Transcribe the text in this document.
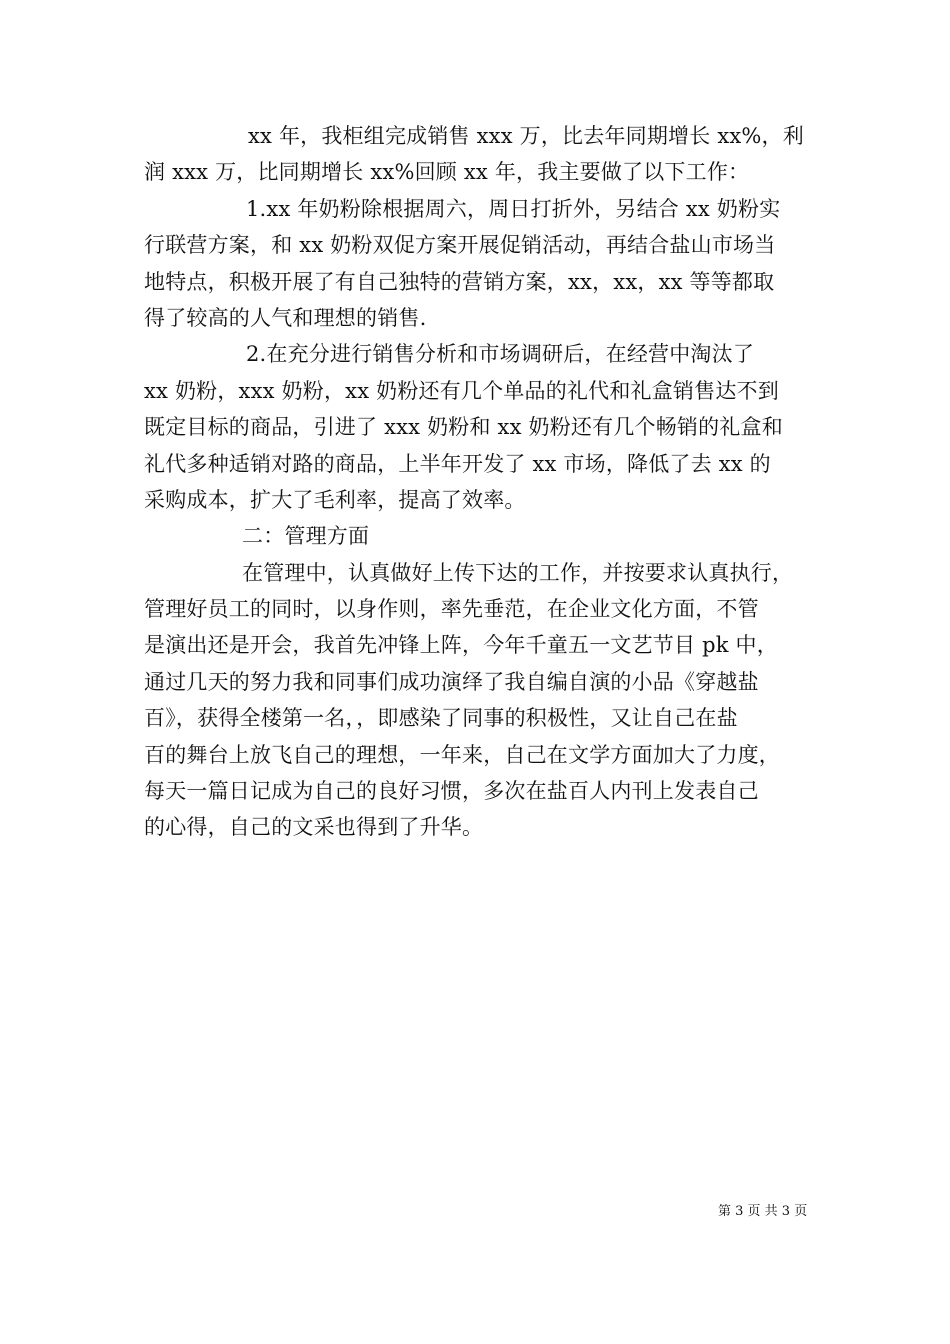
xx 年，我柜组完成销售 xxx 万，比去年同期增长 xx%，利
润 xxx 万，比同期增长 xx%回顾 xx 年，我主要做了以下工作：
1.xx 年奶粉除根据周六，周日打折外，另结合 xx 奶粉实
行联营方案，和 xx 奶粉双促方案开展促销活动，再结合盐山市场当
地特点，积极开展了有自己独特的营销方案，xx，xx，xx 等等都取
得了较高的人气和理想的销售.
2.在充分进行销售分析和市场调研后，在经营中淘汰了
xx 奶粉，xxx 奶粉，xx 奶粉还有几个单品的礼代和礼盒销售达不到
既定目标的商品，引进了 xxx 奶粉和 xx 奶粉还有几个畅销的礼盒和
礼代多种适销对路的商品，上半年开发了 xx 市场，降低了去 xx 的
采购成本，扩大了毛利率，提高了效率。
二：管理方面
在管理中，认真做好上传下达的工作，并按要求认真执行，
管理好员工的同时，以身作则，率先垂范，在企业文化方面，不管
是演出还是开会，我首先冲锋上阵，今年千童五一文艺节目 pk 中，
通过几天的努力我和同事们成功演绎了我自编自演的小品《穿越盐
百》，获得全楼第一名，，即感染了同事的积极性，又让自己在盐
百的舞台上放飞自己的理想，一年来，自己在文学方面加大了力度，
每天一篇日记成为自己的良好习惯，多次在盐百人内刊上发表自己
的心得，自己的文采也得到了升华。
第 3 页 共 3 页
